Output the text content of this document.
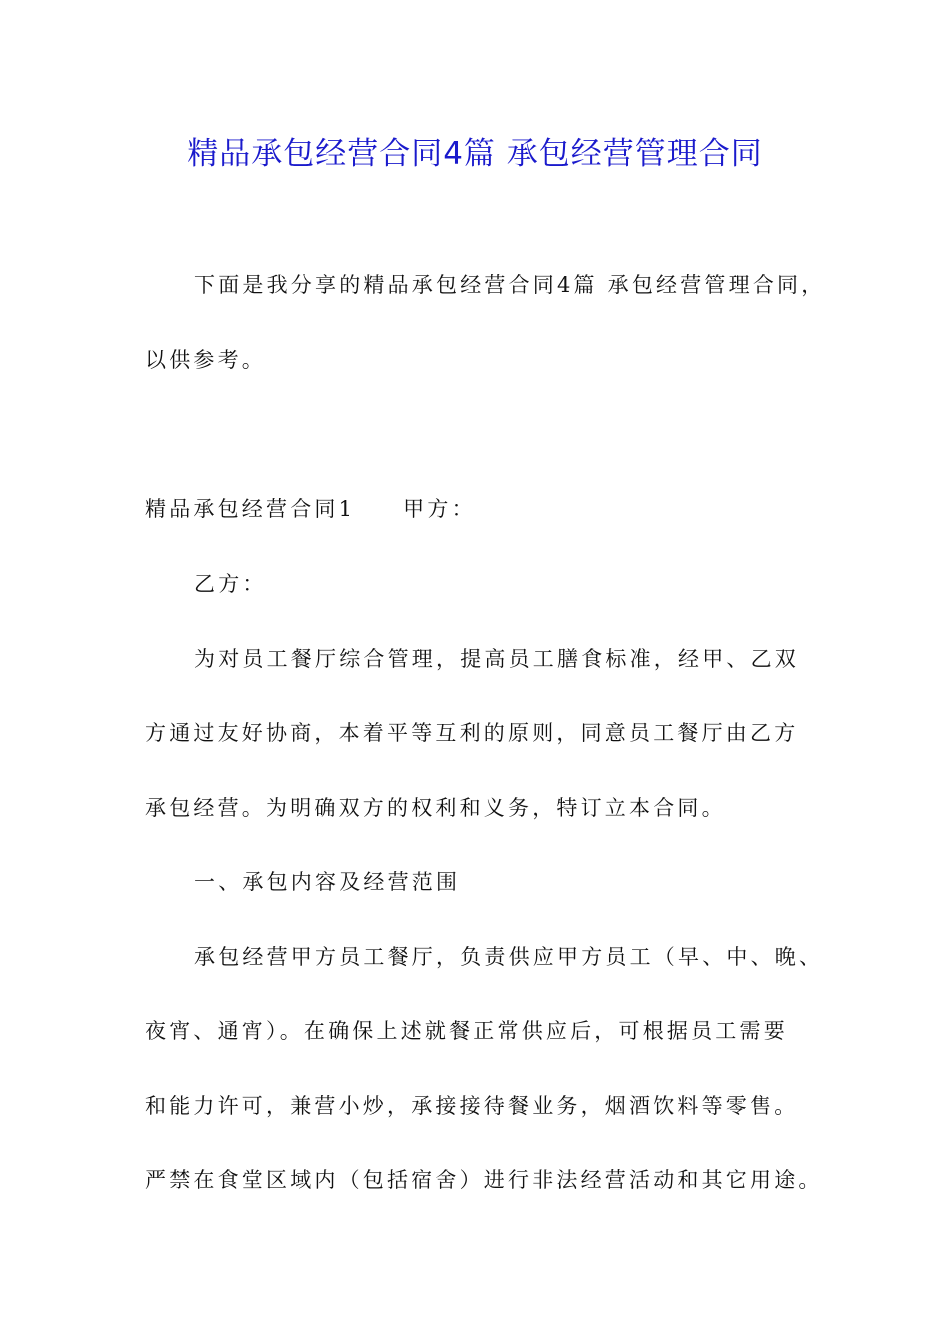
精品承包经营合同4篇 承包经营管理合同
下面是我分享的精品承包经营合同4篇 承包经营管理合同，
以供参考。
精品承包经营合同1 甲方：
乙方：
为对员工餐厅综合管理，提高员工膳食标准，经甲、乙双
方通过友好协商，本着平等互利的原则，同意员工餐厅由乙方
承包经营。为明确双方的权利和义务，特订立本合同。
一、承包内容及经营范围
承包经营甲方员工餐厅，负责供应甲方员工（早、中、晚、
夜宵、通宵）。在确保上述就餐正常供应后，可根据员工需要
和能力许可，兼营小炒，承接接待餐业务，烟酒饮料等零售。
严禁在食堂区域内（包括宿舍）进行非法经营活动和其它用途。
